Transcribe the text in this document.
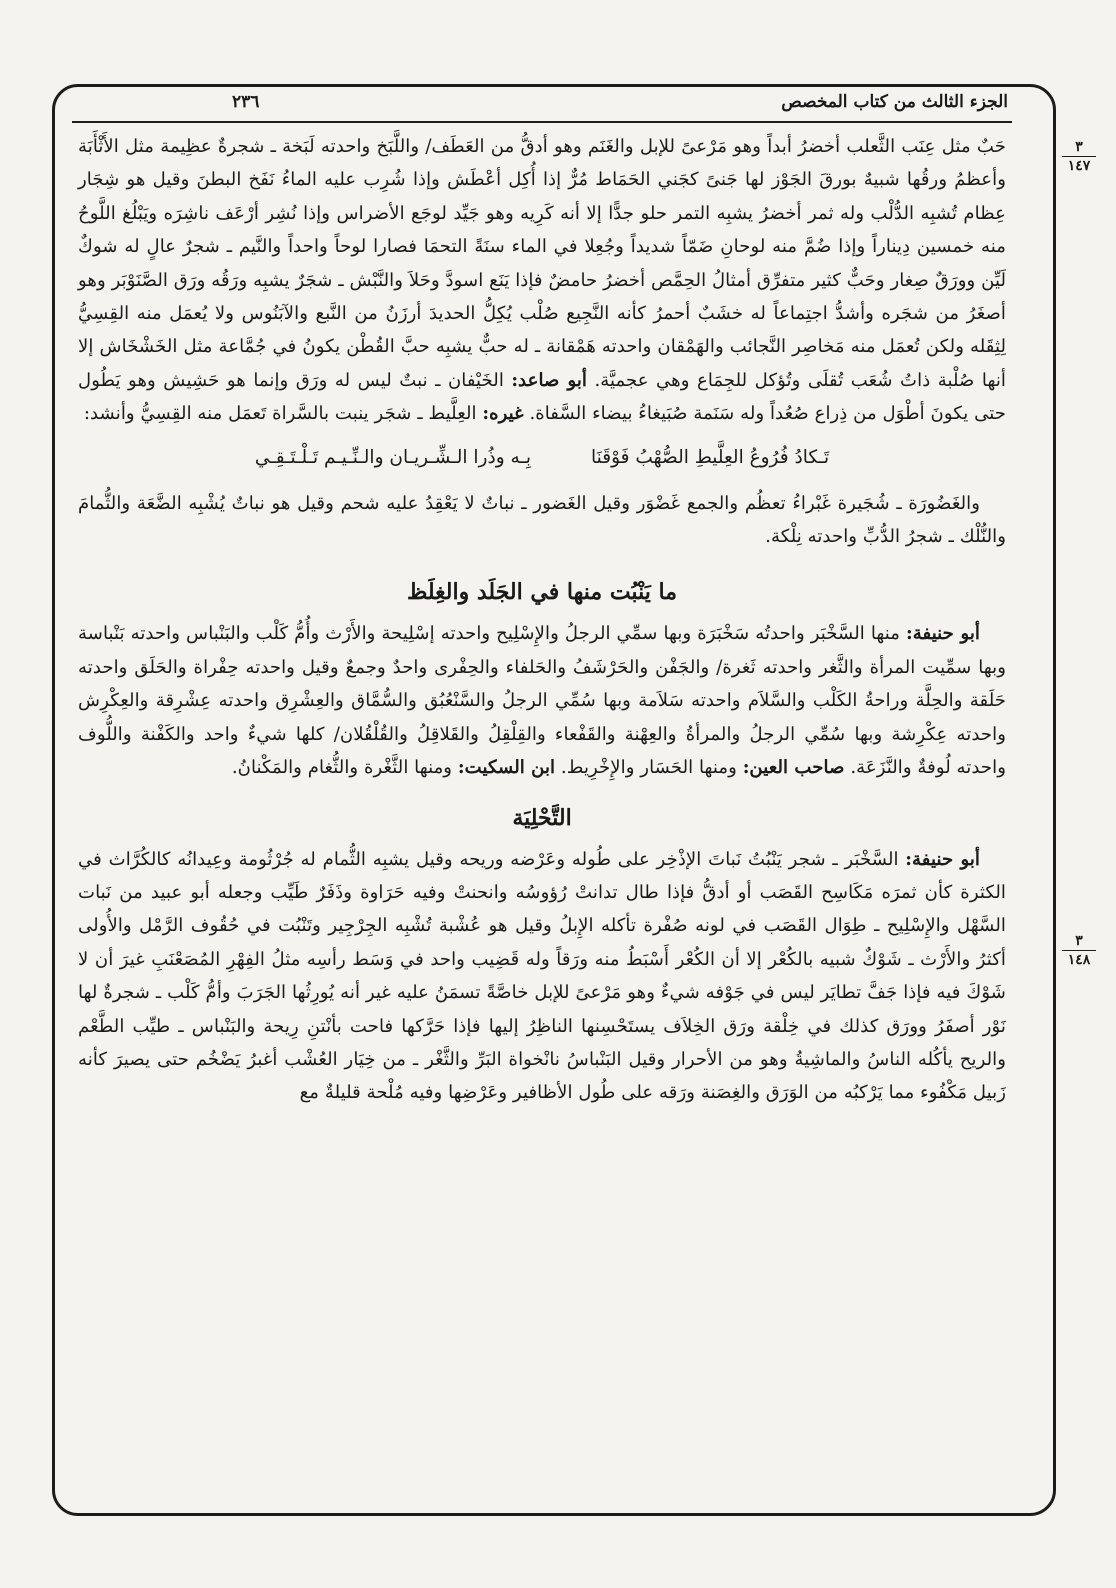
الجزء الثالث من كتاب المخصص
٢٣٦
٣
١٤٧
٣
١٤٨

حَبٌ مثل عِنَب الثَّعلب أخضرُ أبداً وهو مَرْعىً للإبل والغَنَم وهو أدقُّ من العَطَف/ واللَّبَخ واحدته لَبَخة ـ شجرةٌ عظِيمة مثل الأَثْأَبَة وأعظمُ ورقُها شبيهٌ بورقَ الجَوْز لها جَنىً كجَني الحَمَاط مُرٌّ إذا أُكِل أعْطَش وإذا شُرِب عليه الماءُ نَفَخ البطنَ وقيل هو شِجَار عِظام تُشبِه الدُّلْب وله ثمر أخضرُ يشبِه التمر حلو جدًّا إلا أنه كَرِيه وهو جَيِّد لوجَع الأضراس وإذا نُشِر أرْعَف ناشِرَه ويَبْلُغ اللَّوحُ منه خمسين دِيناراً وإذا ضُمَّ منه لوحانِ ضَمّاً شديداً وجُعِلا في الماء سنَةً التحمَا فصارا لوحاً واحداً والنَّيم ـ شجرٌ عالٍ له شوكٌ لَيِّن وورَقٌ صِغار وحَبٌّ كثير متفرِّق أمثالُ الحِمَّص أخضرُ حامضٌ فإذا يَنَع اسودَّ وحَلاَ والنَّبْش ـ شجَرٌ يشبِه ورَقُه ورَق الصَّنَوْبَر وهو أصغَرُ من شجَره وأشدُّ اجتِماعاً له خشَبٌ أحمرُ كأنه النَّجِيع صُلْب يُكِلُّ الحديدَ أرزَنُ من النَّبع والآبَنُوس ولا يُعمَل منه القِسِيُّ لِثِقَله ولكن تُعمَل منه مَخاصِر النَّجائب والهَمْقان واحدته هَمْقانة ـ له حبٌّ يشبِه حبَّ القُطْن يكونُ في جُمَّاعة مثل الخَشْخَاش إلا أنها صُلْبة ذاتُ شُعَب تُقلَى وتُؤكل للجِمَاع وهي عجميَّة. أبو صاعد: الخَيْفان ـ نبتٌ ليس له ورَق وإنما هو حَشِيش وهو يَطُول حتى يكونَ أطْوَل من ذِراع صُعُداً وله سَنَمة صُبَيغاءُ بيضاء السَّفاة. غيره: العِلَّيط ـ شجَر ينبت بالسَّراة تَعمَل منه القِسِيُّ وأنشد:

تَـكادُ فُرُوعُ العِلَّيطِ الصُّهْبُ فَوْقَنَا
بِـه وذُرا الـشِّـريـان والـنِّـيـم تَـلْـتَـقِـي

والغَضُورَة ـ شُجَيرة غَبْراءُ تعظُم والجمع غَضْوَر وقيل الغَضور ـ نباتٌ لا يَعْقِدُ عليه شحم وقيل هو نباتٌ يُشْبِه الضَّعَة والثُّمامَ والنُّلْك ـ شجرُ الدُّبِّ واحدته نِلْكة.

ما يَنْبُت منها في الجَلَد والغِلَظ

أبو حنيفة: منها السَّخْبَر واحدتُه سَخْبَرَة وبها سمِّي الرجلُ والإِسْلِيح واحدته إسْلِيحة والأَرْث وأُمُّ كَلْب والبَنْباس واحدته بَنْباسة وبها سمِّيت المرأة والثَّغر واحدته ثَغرة/ والجَفْن والحَرْشَفُ والحَلفاء والحِفْرى واحدٌ وجمعٌ وقيل واحدته حِفْراة والحَلَق واحدته حَلَقة والحِلَّة وراحةُ الكَلْب والسَّلاَم واحدته سَلاَمة وبها سُمِّي الرجلُ والسَّنْعُبُق والسُّمَّاق والعِشْرِق واحدته عِشْرِقة والعِكْرِش واحدته عِكْرِشة وبها سُمِّي الرجلُ والمرأةُ والعِهْنة والقَفْعاء والقِلْقِلُ والقَلاقِلُ والقُلْقُلان/ كلها شيءٌ واحد والكَفْنة واللُّوف واحدته لُوفةٌ والنَّزَعَة. صاحب العين: ومنها الحَسَار والإِخْرِيط. ابن السكيت: ومنها الثَّغْرة والثُّغام والمَكْنانُ.

التَّحْلِيَة

أبو حنيفة: السَّخْبَر ـ شجر يَنْبُتُ نَباتَ الإذْخِر على طُوله وعَرْضه وريحه وقيل يشبِه الثُّمام له جُرْثُومة وعِيدانُه كالكُرَّاث في الكثرة كأن ثمرَه مَكَاسِح القَصَب أو أدقُّ فإذا طال تدانتْ رُؤوسُه وانحنتْ وفيه حَرَاوة وذَفَرٌ طَيِّب وجعله أبو عبيد من نَبات السَّهْل والإِسْلِيح ـ طِوَال القَصَب في لونه صُفْرة تأكله الإِبلُ وقيل هو عُشْبة تُشْبِه الجِرْجِير وتَنْبُت في حُقُوف الرَّمْل والأُولى أكثرُ والأَرْث ـ شَوْكٌ شبيه بالكُعْر إلا أن الكُعْر أَسْبَطُ منه ورَقاً وله قَضِيب واحد في وَسَط رأسِه مثلُ الفِهْرِ المُصَعْنَبِ غيرَ أن لا شَوْكَ فيه فإذا جَفَّ تطايَر ليس في جَوْفه شيءٌ وهو مَرْعىً للإبل خاصَّةً تسمَنُ عليه غير أنه يُورِثُها الجَرَبَ وأمُّ كَلْب ـ شجرةٌ لها نَوْر أصفَرُ وورَق كذلك في خِلْقة ورَق الخِلاَف يستَحْسِنها الناظِرُ إليها فإذا حَرَّكها فاحت بأنْتنِ رِيحة والبَنْباس ـ طيِّب الطَّعْم والريح يأكُله الناسُ والماشِيةُ وهو من الأحرار وقيل البَنْباسُ نانْخواة البَرِّ والثَّغْر ـ من خِيَار العُشْب أغبرُ يَضْخُم حتى يصيرَ كأنه زَبيل مَكْفُوء مما يَرْكبُه من الوَرَق والغِصَنة ورَقه على طُول الأظافير وعَرْضِها وفيه مُلْحة قليلةٌ مع
